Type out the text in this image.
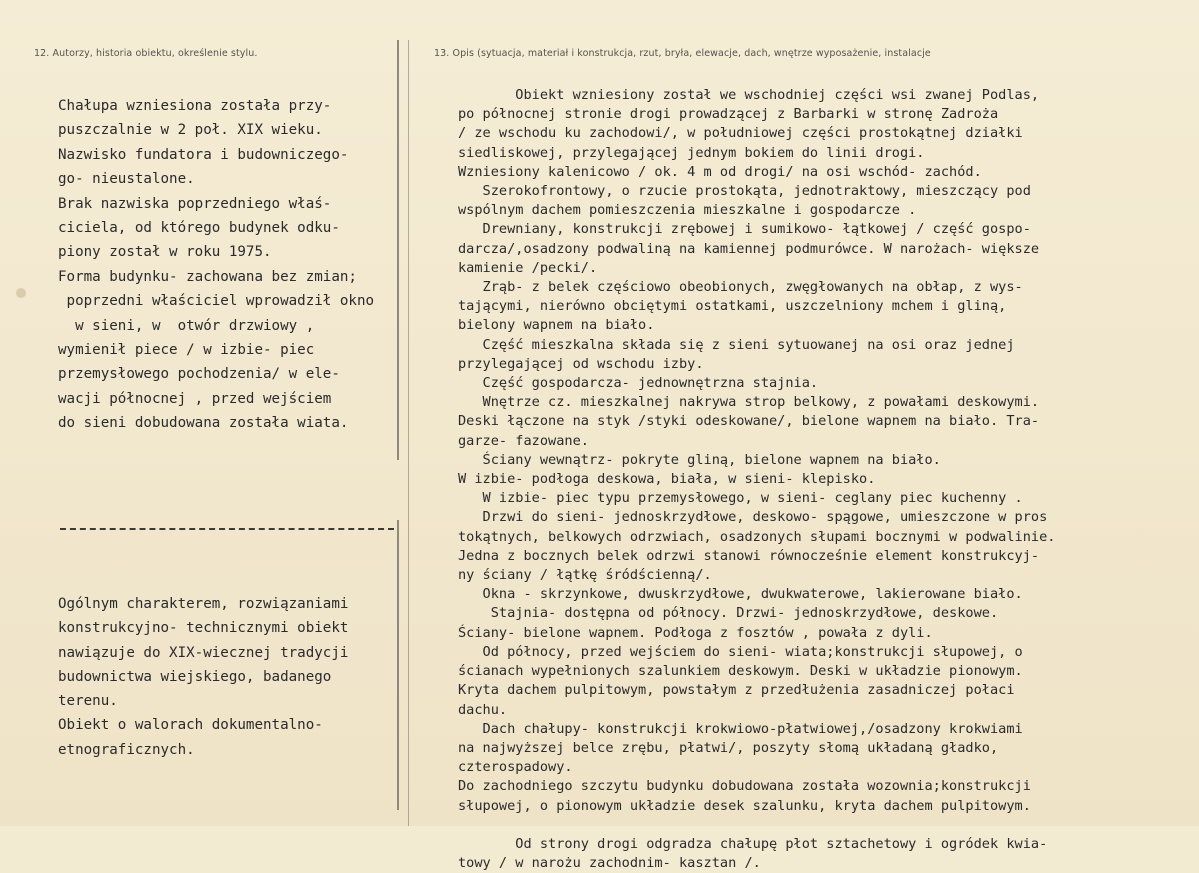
12. Autorzy, historia obiektu, określenie stylu.	13. Opis (sytuacja, materiał i konstrukcja, rzut, bryła, elewacje, dach, wnętrze wyposażenie, instalacje
Chałupa wzniesiona została przy-
puszczalnie w 2 poł. XIX wieku.
Nazwisko fundatora i budowniczego-
go- nieustalone.
Brak nazwiska poprzedniego właś-
ciciela, od którego budynek odku-
piony został w roku 1975.
Forma budynku- zachowana bez zmian;
poprzedni właściciel wprowadził okno
w sieni, w  otwór drzwiowy ,
wymienił piece / w izbie- piec
przemysłowego pochodzenia/ w ele-
wacji północnej , przed wejściem
do sieni dobudowana została wiata.
Ogólnym charakterem, rozwiązaniami
konstrukcyjno- technicznymi obiekt
nawiązuje do XIX-wiecznej tradycji
budownictwa wiejskiego, badanego
terenu.
Obiekt o walorach dokumentalno-
etnograficznych.
Obiekt wzniesiony został we wschodniej części wsi zwanej Podlas,
po północnej stronie drogi prowadzącej z Barbarki w stronę Zadroża
/ ze wschodu ku zachodowi/, w południowej części prostokątnej działki
siedliskowej, przylegającej jednym bokiem do linii drogi.
Wzniesiony kalenicowo / ok. 4 m od drogi/ na osi wschód- zachód.
Szerokofrontowy, o rzucie prostokąta, jednotraktowy, mieszczący pod
wspólnym dachem pomieszczenia mieszkalne i gospodarcze .
Drewniany, konstrukcji zrębowej i sumikowo- łątkowej / część gospo-
darcza/,osadzony podwaliną na kamiennej podmurówce. W narożach- większe
kamienie /pecki/.
Zrąb- z belek częściowo obeobionych, zwęgłowanych na obłap, z wys-
tającymi, nierówno obciętymi ostatkami, uszczelniony mchem i gliną,
bielony wapnem na biało.
Część mieszkalna składa się z sieni sytuowanej na osi oraz jednej
przylegającej od wschodu izby.
Część gospodarcza- jednownętrzna stajnia.
Wnętrze cz. mieszkalnej nakrywa strop belkowy, z powałami deskowymi.
Deski łączone na styk /styki odeskowane/, bielone wapnem na biało. Tra-
garze- fazowane.
Ściany wewnątrz- pokryte gliną, bielone wapnem na biało.
W izbie- podłoga deskowa, biała, w sieni- klepisko.
W izbie- piec typu przemysłowego, w sieni- ceglany piec kuchenny .
Drzwi do sieni- jednoskrzydłowe, deskowo- spągowe, umieszczone w pros
tokątnych, belkowych odrzwiach, osadzonych słupami bocznymi w podwalinie.
Jedna z bocznych belek odrzwi stanowi równocześnie element konstrukcyj-
ny ściany / łątkę śródścienną/.
Okna - skrzynkowe, dwuskrzydłowe, dwukwaterowe, lakierowane biało.
Stajnia- dostępna od północy. Drzwi- jednoskrzydłowe, deskowe.
Ściany- bielone wapnem. Podłoga z fosztów , powała z dyli.
Od północy, przed wejściem do sieni- wiata;konstrukcji słupowej, o
ścianach wypełnionych szalunkiem deskowym. Deski w układzie pionowym.
Kryta dachem pulpitowym, powstałym z przedłużenia zasadniczej połaci
dachu.
Dach chałupy- konstrukcji krokwiowo-płatwiowej,/osadzony krokwiami
na najwyższej belce zrębu, płatwi/, poszyty słomą układaną gładko,
czterospadowy.
Do zachodniego szczytu budynku dobudowana została wozownia;konstrukcji
słupowej, o pionowym układzie desek szalunku, kryta dachem pulpitowym.

Od strony drogi odgradza chałupę płot sztachetowy i ogródek kwia-
towy / w narożu zachodnim- kasztan /.
